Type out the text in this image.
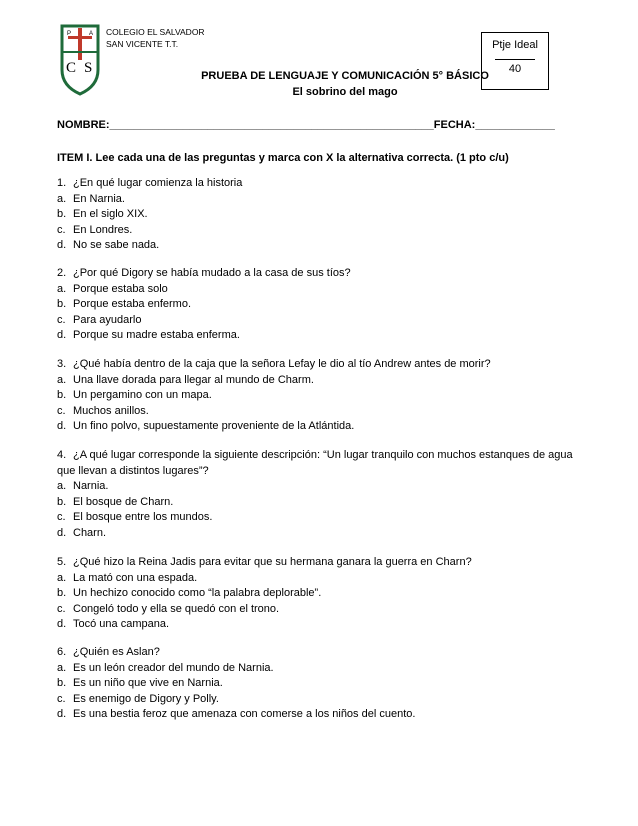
P	A
C S
COLEGIO EL SALVADOR
SAN VICENTE T.T.	Ptje Ideal
40
PRUEBA DE LENGUAJE Y COMUNICACIÓN 5° BÁSICO
El sobrino del mago
NOMBRE:_____________________________________________________FECHA:_____________
ITEM I. Lee cada una de las preguntas y marca con X la alternativa correcta. (1 pto c/u)
1. ¿En qué lugar comienza la historia
a. En Narnia.
b. En el siglo XIX.
c. En Londres.
d. No se sabe nada.
2. ¿Por qué Digory se había mudado a la casa de sus tíos?
a. Porque estaba solo
b. Porque estaba enfermo.
c. Para ayudarlo
d. Porque su madre estaba enferma.
3. ¿Qué había dentro de la caja que la señora Lefay le dio al tío Andrew antes de morir?
a. Una llave dorada para llegar al mundo de Charm.
b. Un pergamino con un mapa.
c. Muchos anillos.
d. Un fino polvo, supuestamente proveniente de la Atlántida.
4. ¿A qué lugar corresponde la siguiente descripción: “Un lugar tranquilo con muchos estanques de agua que llevan a distintos lugares”?
a. Narnia.
b. El bosque de Charn.
c. El bosque entre los mundos.
d. Charn.
5. ¿Qué hizo la Reina Jadis para evitar que su hermana ganara la guerra en Charn?
a. La mató con una espada.
b. Un hechizo conocido como “la palabra deplorable”.
c. Congeló todo y ella se quedó con el trono.
d. Tocó una campana.
6. ¿Quién es Aslan?
a. Es un león creador del mundo de Narnia.
b. Es un niño que vive en Narnia.
c. Es enemigo de Digory y Polly.
d. Es una bestia feroz que amenaza con comerse a los niños del cuento.
